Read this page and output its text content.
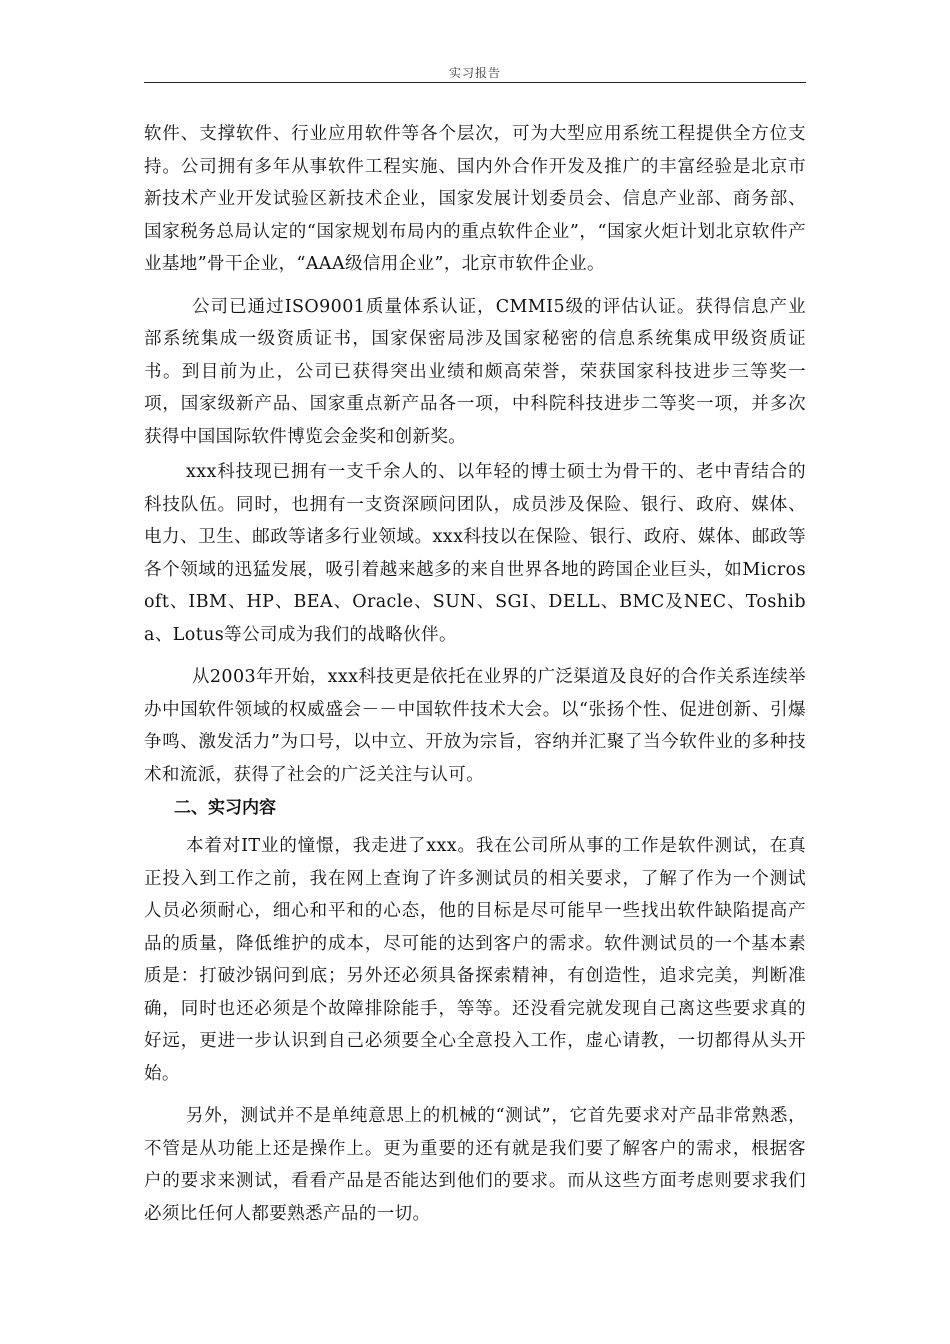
实习报告

软件、支撑软件、行业应用软件等各个层次，可为大型应用系统工程提供全方位支持。公司拥有多年从事软件工程实施、国内外合作开发及推广的丰富经验是北京市新技术产业开发试验区新技术企业，国家发展计划委员会、信息产业部、商务部、国家税务总局认定的“国家规划布局内的重点软件企业”，“国家火炬计划北京软件产业基地”骨干企业，“AAA级信用企业”，北京市软件企业。

公司已通过ISO9001质量体系认证，CMMI5级的评估认证。获得信息产业部系统集成一级资质证书，国家保密局涉及国家秘密的信息系统集成甲级资质证书。到目前为止，公司已获得突出业绩和颇高荣誉，荣获国家科技进步三等奖一项，国家级新产品、国家重点新产品各一项，中科院科技进步二等奖一项，并多次获得中国国际软件博览会金奖和创新奖。

xxx科技现已拥有一支千余人的、以年轻的博士硕士为骨干的、老中青结合的科技队伍。同时，也拥有一支资深顾问团队，成员涉及保险、银行、政府、媒体、电力、卫生、邮政等诸多行业领域。xxx科技以在保险、银行、政府、媒体、邮政等各个领域的迅猛发展，吸引着越来越多的来自世界各地的跨国企业巨头，如Microsoft、IBM、HP、BEA、Oracle、SUN、SGI、DELL、BMC及NEC、Toshiba、Lotus等公司成为我们的战略伙伴。

从2003年开始，xxx科技更是依托在业界的广泛渠道及良好的合作关系连续举办中国软件领域的权威盛会－－中国软件技术大会。以“张扬个性、促进创新、引爆争鸣、激发活力”为口号，以中立、开放为宗旨，容纳并汇聚了当今软件业的多种技术和流派，获得了社会的广泛关注与认可。

二、实习内容

本着对IT业的憧憬，我走进了xxx。我在公司所从事的工作是软件测试，在真正投入到工作之前，我在网上查询了许多测试员的相关要求，了解了作为一个测试人员必须耐心，细心和平和的心态，他的目标是尽可能早一些找出软件缺陷提高产品的质量，降低维护的成本，尽可能的达到客户的需求。软件测试员的一个基本素质是：打破沙锅问到底；另外还必须具备探索精神，有创造性，追求完美，判断准确，同时也还必须是个故障排除能手，等等。还没看完就发现自己离这些要求真的好远，更进一步认识到自己必须要全心全意投入工作，虚心请教，一切都得从头开始。

另外，测试并不是单纯意思上的机械的“测试”，它首先要求对产品非常熟悉，不管是从功能上还是操作上。更为重要的还有就是我们要了解客户的需求，根据客户的要求来测试，看看产品是否能达到他们的要求。而从这些方面考虑则要求我们必须比任何人都要熟悉产品的一切。
